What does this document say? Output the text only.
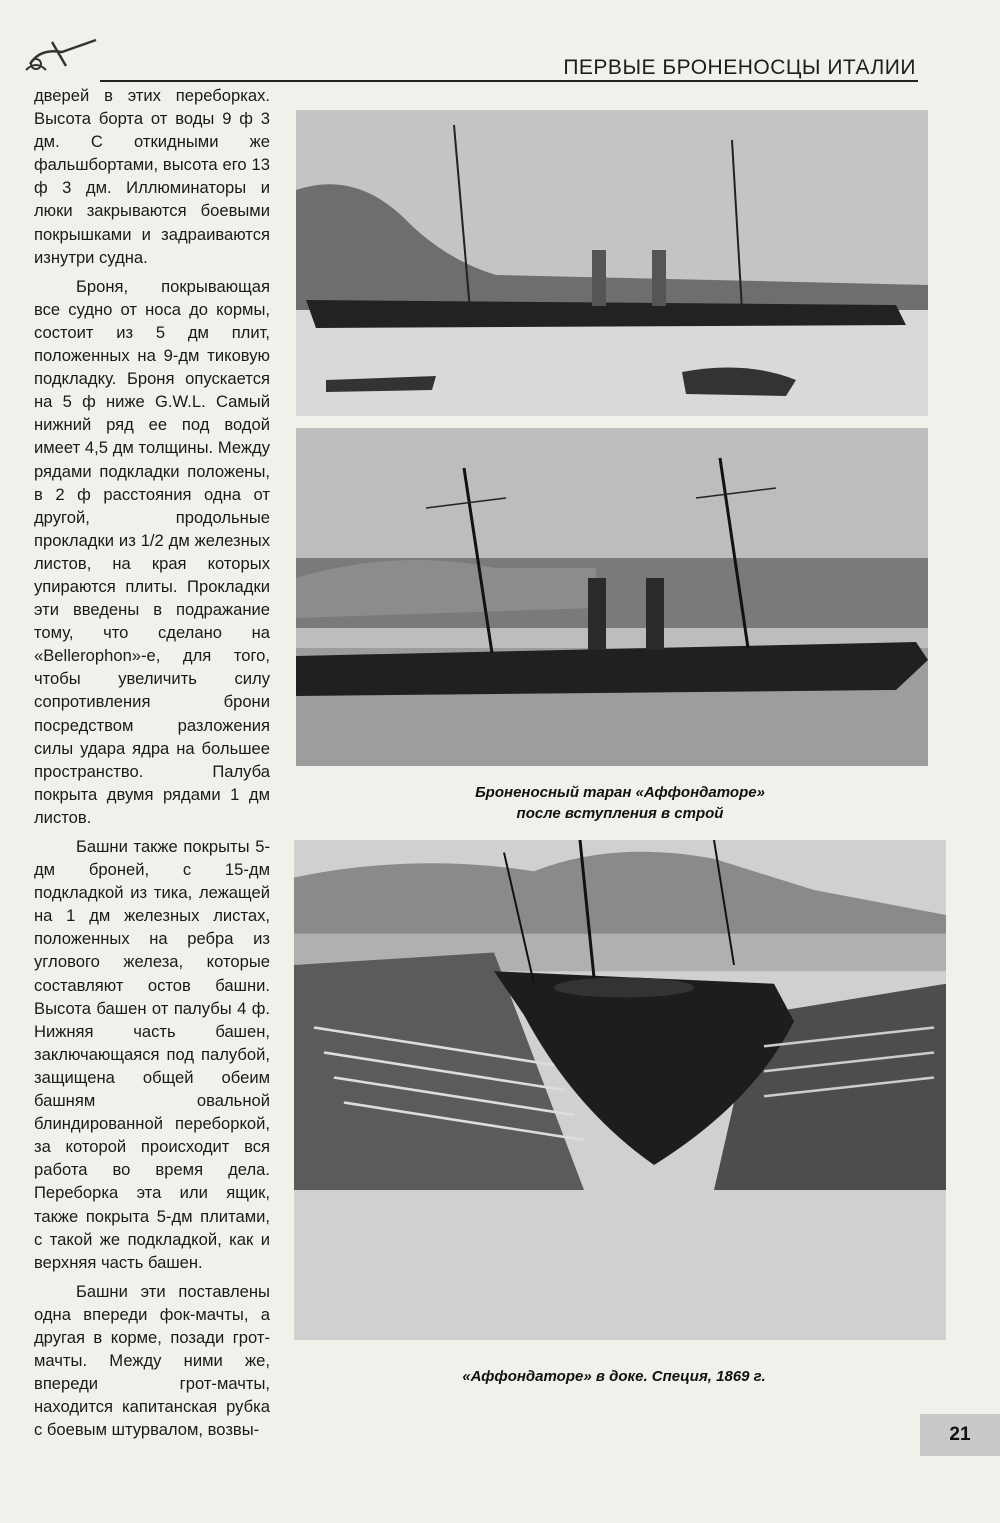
ПЕРВЫЕ БРОНЕНОСЦЫ ИТАЛИИ

дверей в этих переборках. Высота борта от воды 9 ф 3 дм. С откидными же фальшбортами, высота его 13 ф 3 дм. Иллюминаторы и люки закрываются боевыми покрышками и задраиваются изнутри судна.

Броня, покрывающая все судно от носа до кормы, состоит из 5 дм плит, положенных на 9-дм тиковую подкладку. Броня опускается на 5 ф ниже G.W.L. Самый нижний ряд ее под водой имеет 4,5 дм толщины. Между рядами подкладки положены, в 2 ф расстояния одна от другой, продольные прокладки из 1/2 дм железных листов, на края которых упираются плиты. Прокладки эти введены в подражание тому, что сделано на «Bellerophon»-е, для того, чтобы увеличить силу сопротивления брони посредством разложения силы удара ядра на большее пространство. Палуба покрыта двумя рядами 1 дм листов.

Башни также покрыты 5-дм броней, с 15-дм подкладкой из тика, лежащей на 1 дм железных листах, положенных на ребра из углового железа, которые составляют остов башни. Высота башен от палубы 4 ф. Нижняя часть башен, заключающаяся под палубой, защищена общей обеим башням овальной блиндированной переборкой, за которой происходит вся работа во время дела. Переборка эта или ящик, также покрыта 5-дм плитами, с такой же подкладкой, как и верхняя часть башен.

Башни эти поставлены одна впереди фок-мачты, а другая в корме, позади грот-мачты. Между ними же, впереди грот-мачты, находится капитанская рубка с боевым штурвалом, возвы-

Броненосный таран «Аффондаторе»
после вступления в строй
«Аффондаторе» в доке. Специя, 1869 г.
21
